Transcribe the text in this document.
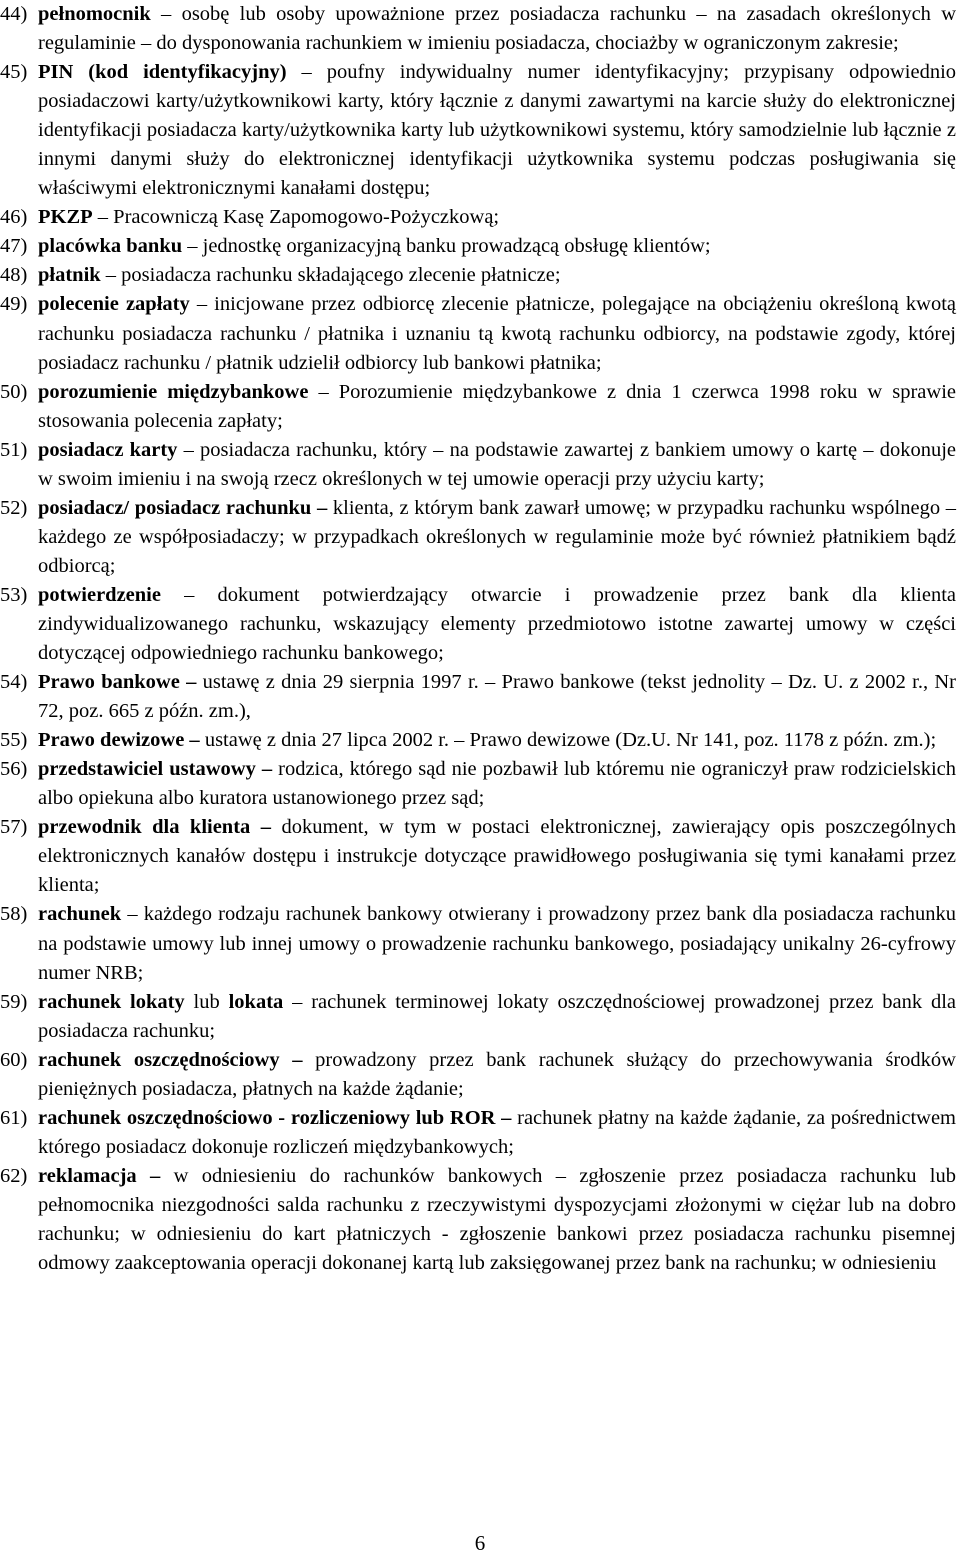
44) pełnomocnik – osobę lub osoby upoważnione przez posiadacza rachunku – na zasadach określonych w regulaminie – do dysponowania rachunkiem w imieniu posiadacza, chociażby w ograniczonym zakresie;
45) PIN (kod identyfikacyjny) – poufny indywidualny numer identyfikacyjny; przypisany odpowiednio posiadaczowi karty/użytkownikowi karty, który łącznie z danymi zawartymi na karcie służy do elektronicznej identyfikacji posiadacza karty/użytkownika karty lub użytkownikowi systemu, który samodzielnie lub łącznie z innymi danymi służy do elektronicznej identyfikacji użytkownika systemu podczas posługiwania się właściwymi elektronicznymi kanałami dostępu;
46) PKZP – Pracowniczą Kasę Zapomogowo-Pożyczkową;
47) placówka banku – jednostkę organizacyjną banku prowadzącą obsługę klientów;
48) płatnik – posiadacza rachunku składającego zlecenie płatnicze;
49) polecenie zapłaty – inicjowane przez odbiorcę zlecenie płatnicze, polegające na obciążeniu określoną kwotą rachunku posiadacza rachunku / płatnika i uznaniu tą kwotą rachunku odbiorcy, na podstawie zgody, której posiadacz rachunku / płatnik udzielił odbiorcy lub bankowi płatnika;
50) porozumienie międzybankowe – Porozumienie międzybankowe z dnia 1 czerwca 1998 roku w sprawie stosowania polecenia zapłaty;
51) posiadacz karty – posiadacza rachunku, który – na podstawie zawartej z bankiem umowy o kartę – dokonuje w swoim imieniu i na swoją rzecz określonych w tej umowie operacji przy użyciu karty;
52) posiadacz/ posiadacz rachunku – klienta, z którym bank zawarł umowę; w przypadku rachunku wspólnego – każdego ze współposiadaczy; w przypadkach określonych w regulaminie może być również płatnikiem bądź odbiorcą;
53) potwierdzenie – dokument potwierdzający otwarcie i prowadzenie przez bank dla klienta zindywidualizowanego rachunku, wskazujący elementy przedmiotowo istotne zawartej umowy w części dotyczącej odpowiedniego rachunku bankowego;
54) Prawo bankowe – ustawę z dnia 29 sierpnia 1997 r. – Prawo bankowe (tekst jednolity – Dz. U. z 2002 r., Nr 72, poz. 665 z późn. zm.),
55) Prawo dewizowe – ustawę z dnia 27 lipca 2002 r. – Prawo dewizowe (Dz.U. Nr 141, poz. 1178 z późn. zm.);
56) przedstawiciel ustawowy – rodzica, którego sąd nie pozbawił lub któremu nie ograniczył praw rodzicielskich albo opiekuna albo kuratora ustanowionego przez sąd;
57) przewodnik dla klienta – dokument, w tym w postaci elektronicznej, zawierający opis poszczególnych elektronicznych kanałów dostępu i instrukcje dotyczące prawidłowego posługiwania się tymi kanałami przez klienta;
58) rachunek – każdego rodzaju rachunek bankowy otwierany i prowadzony przez bank dla posiadacza rachunku na podstawie umowy lub innej umowy o prowadzenie rachunku bankowego, posiadający unikalny 26-cyfrowy numer NRB;
59) rachunek lokaty lub lokata – rachunek terminowej lokaty oszczędnościowej prowadzonej przez bank dla posiadacza rachunku;
60) rachunek oszczędnościowy – prowadzony przez bank rachunek służący do przechowywania środków pieniężnych posiadacza, płatnych na każde żądanie;
61) rachunek oszczędnościowo - rozliczeniowy lub ROR – rachunek płatny na każde żądanie, za pośrednictwem którego posiadacz dokonuje rozliczeń międzybankowych;
62) reklamacja – w odniesieniu do rachunków bankowych – zgłoszenie przez posiadacza rachunku lub pełnomocnika niezgodności salda rachunku z rzeczywistymi dyspozycjami złożonymi w ciężar lub na dobro rachunku; w odniesieniu do kart płatniczych - zgłoszenie bankowi przez posiadacza rachunku pisemnej odmowy zaakceptowania operacji dokonanej kartą lub zaksięgowanej przez bank na rachunku; w odniesieniu
6
